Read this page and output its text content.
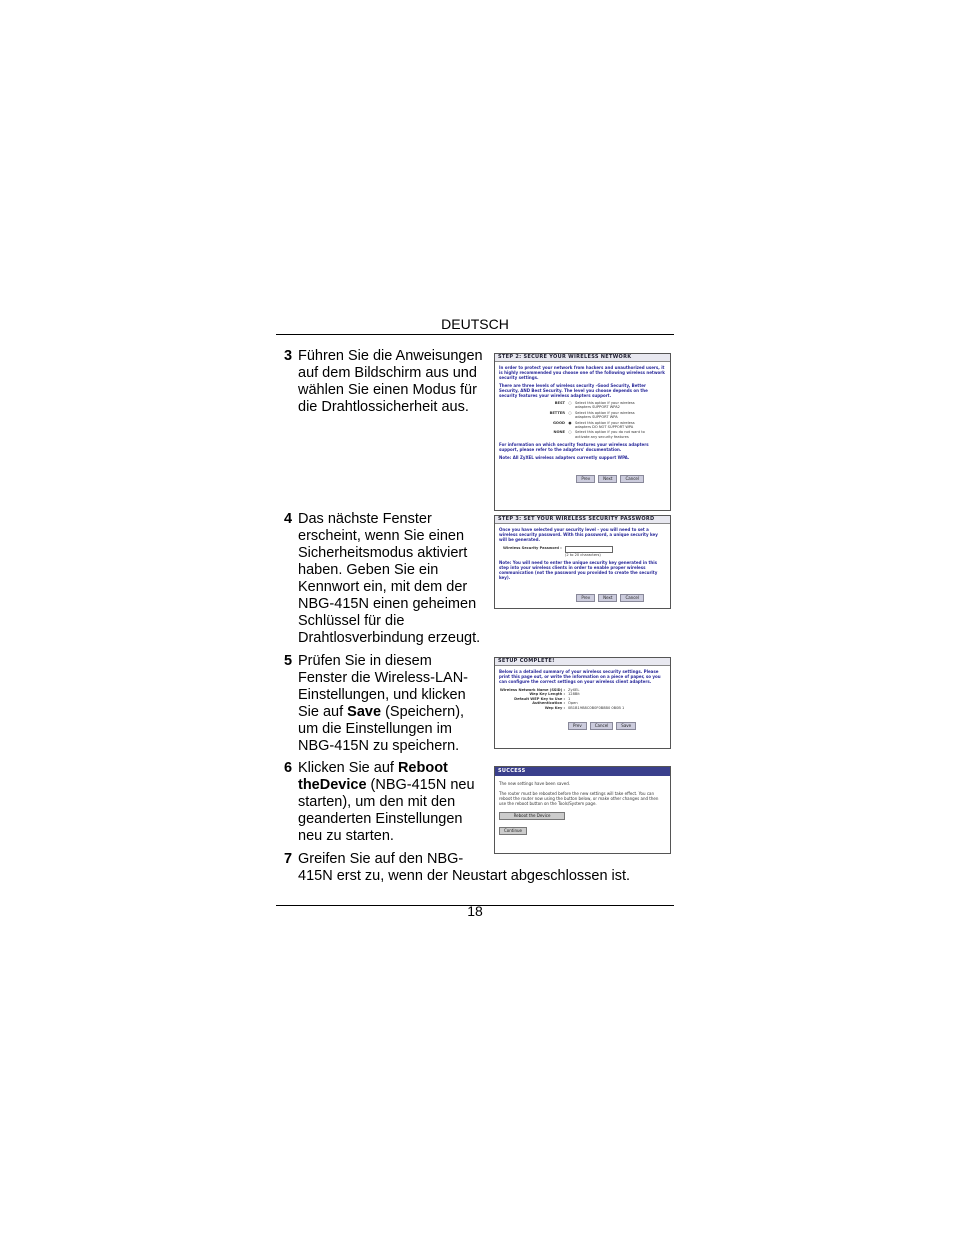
DEUTSCH
3 Führen Sie die Anweisungen auf dem Bildschirm aus und wählen Sie einen Modus für die Drahtlossicherheit aus.
4 Das nächste Fenster erscheint, wenn Sie einen Sicherheitsmodus aktiviert haben. Geben Sie ein Kennwort ein, mit dem der NBG-415N einen geheimen Schlüssel für die Drahtlosverbindung erzeugt.
5 Prüfen Sie in diesem Fenster die Wireless-LAN-Einstellungen, und klicken Sie auf Save (Speichern), um die Einstellungen im NBG-415N zu speichern.
6 Klicken Sie auf Reboot theDevice (NBG-415N neu starten), um den mit den geanderten Einstellungen neu zu starten.
7 Greifen Sie auf den NBG-
415N erst zu, wenn der Neustart abgeschlossen ist.
STEP 2: SECURE YOUR WIRELESS NETWORK
In order to protect your network from hackers and unauthorized users, it is highly recommended you choose one of the following wireless network security settings.
There are three levels of wireless security -Good Security, Better Security, AND Best Security. The level you choose depends on the security features your wireless adapters support.
BEST ○ Select this option if your wireless adapters SUPPORT WPA2
BETTER ○ Select this option if your wireless adapters SUPPORT WPA
GOOD ● Select this option if your wireless adapters DO NOT SUPPORT WPA
NONE ○ Select this option if you do not want to activate any security features
For information on which security features your wireless adapters support, please refer to the adapters' documentation.
Note: All ZyXEL wireless adapters currently support WPA.
Prev	Next	Cancel
STEP 3: SET YOUR WIRELESS SECURITY PASSWORD
Once you have selected your security level - you will need to set a wireless security password. With this password, a unique security key will be generated.
Wireless Security Password :
(2 to 20 characters)
Note: You will need to enter the unique security key generated in this step into your wireless clients in order to enable proper wireless communication (not the password you provided to create the security key).
Prev	Next	Cancel
SETUP COMPLETE!
Below is a detailed summary of your wireless security settings. Please print this page out, or write the information on a piece of paper, so you can configure the correct settings on your wireless client adapters.
Wireless Network Name (SSID) : ZyXEL
Wep Key Length : 128Bit
Default WEP Key to Use : 1
Authentication : Open
Wep Key : 0B1B19B8C0B0F0B8B0 0B0B 1
Prev	Cancel	Save
SUCCESS
The new settings have been saved.
The router must be rebooted before the new settings will take effect. You can reboot the router now using the button below, or make other changes and then use the reboot button on the Tools/System page.
Reboot the Device
Continue
18
